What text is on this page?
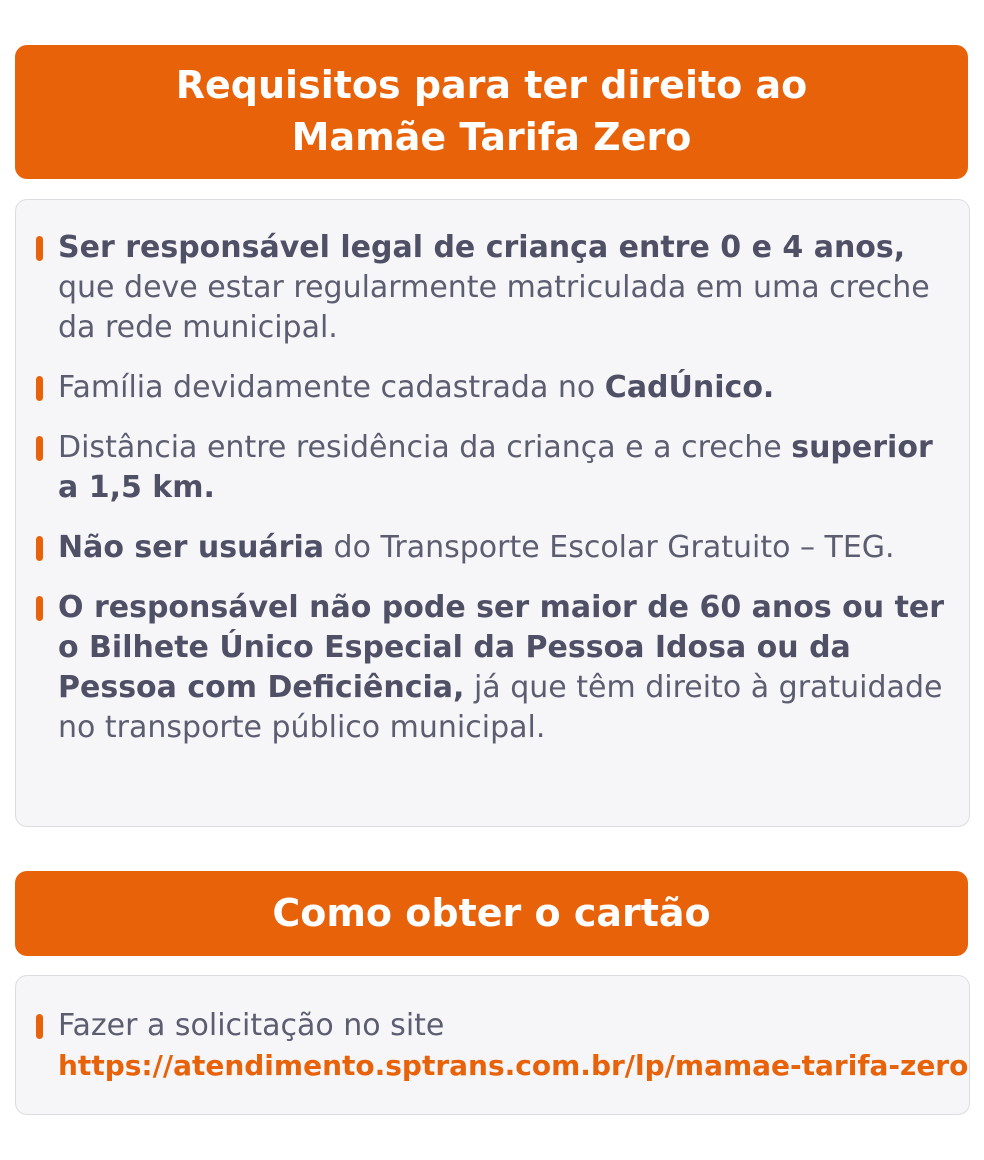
Requisitos para ter direito ao
Mamãe Tarifa Zero
Ser responsável legal de criança entre 0 e 4 anos, que deve estar regularmente matriculada em uma creche da rede municipal.
Família devidamente cadastrada no CadÚnico.
Distância entre residência da criança e a creche superior a 1,5 km.
Não ser usuária do Transporte Escolar Gratuito – TEG.
O responsável não pode ser maior de 60 anos ou ter o Bilhete Único Especial da Pessoa Idosa ou da Pessoa com Deficiência, já que têm direito à gratuidade no transporte público municipal.
Como obter o cartão
Fazer a solicitação no site
https://atendimento.sptrans.com.br/lp/mamae-tarifa-zero
